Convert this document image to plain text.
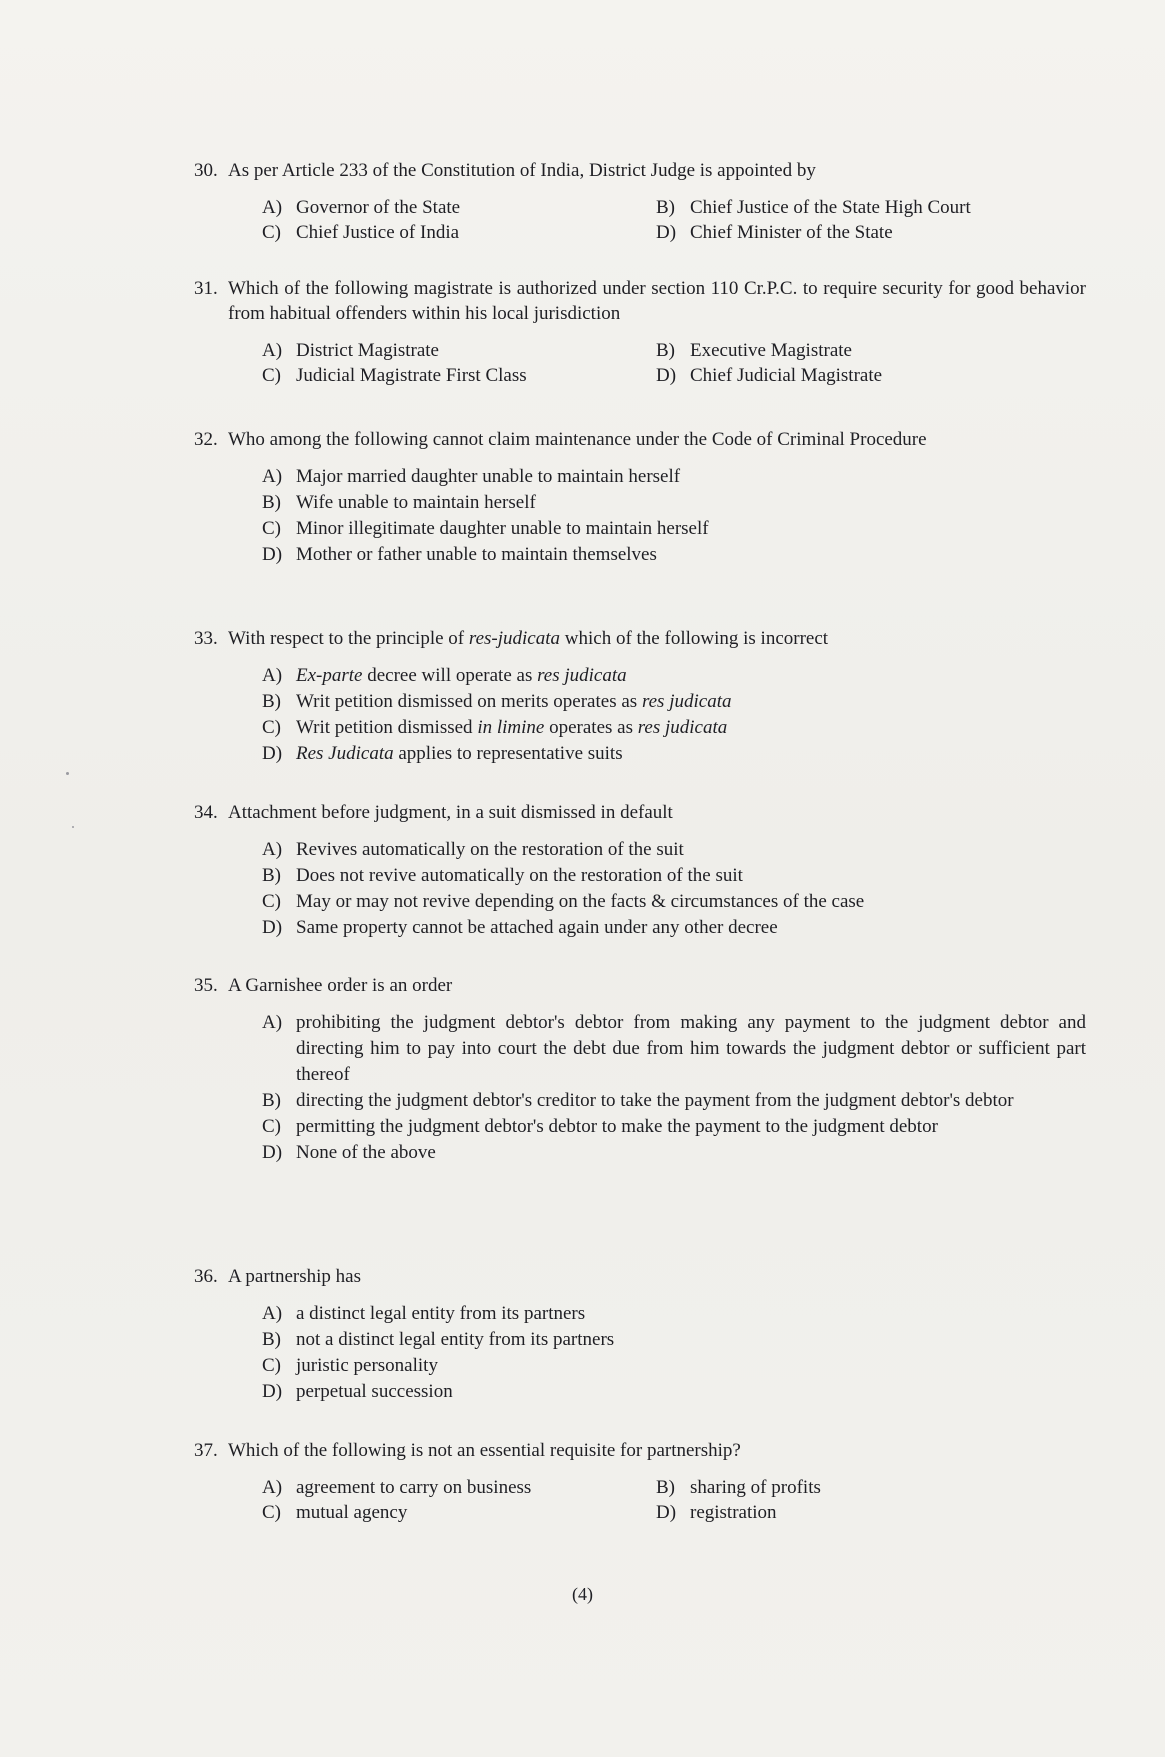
30. As per Article 233 of the Constitution of India, District Judge is appointed by
A) Governor of the State	B) Chief Justice of the State High Court
C) Chief Justice of India	D) Chief Minister of the State
31. Which of the following magistrate is authorized under section 110 Cr.P.C. to require security for good behavior from habitual offenders within his local jurisdiction
A) District Magistrate	B) Executive Magistrate
C) Judicial Magistrate First Class	D) Chief Judicial Magistrate
32. Who among the following cannot claim maintenance under the Code of Criminal Procedure
A) Major married daughter unable to maintain herself
B) Wife unable to maintain herself
C) Minor illegitimate daughter unable to maintain herself
D) Mother or father unable to maintain themselves
33. With respect to the principle of res-judicata which of the following is incorrect
A) Ex-parte decree will operate as res judicata
B) Writ petition dismissed on merits operates as res judicata
C) Writ petition dismissed in limine operates as res judicata
D) Res Judicata applies to representative suits
34. Attachment before judgment, in a suit dismissed in default
A) Revives automatically on the restoration of the suit
B) Does not revive automatically on the restoration of the suit
C) May or may not revive depending on the facts & circumstances of the case
D) Same property cannot be attached again under any other decree
35. A Garnishee order is an order
A) prohibiting the judgment debtor's debtor from making any payment to the judgment debtor and directing him to pay into court the debt due from him towards the judgment debtor or sufficient part thereof
B) directing the judgment debtor's creditor to take the payment from the judgment debtor's debtor
C) permitting the judgment debtor's debtor to make the payment to the judgment debtor
D) None of the above
36. A partnership has
A) a distinct legal entity from its partners
B) not a distinct legal entity from its partners
C) juristic personality
D) perpetual succession
37. Which of the following is not an essential requisite for partnership?
A) agreement to carry on business	B) sharing of profits
C) mutual agency	D) registration
(4)
